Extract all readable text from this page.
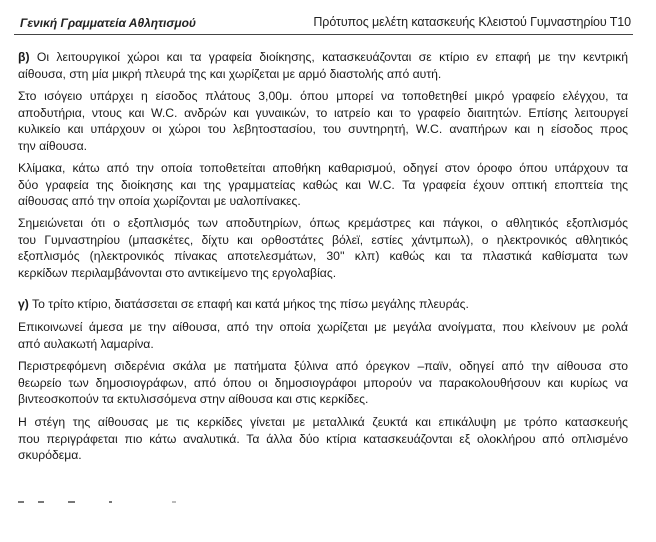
Γενική Γραμματεία Αθλητισμού	Πρότυπος μελέτη κατασκευής Κλειστού Γυμναστηρίου Τ10
β) Οι λειτουργικοί χώροι και τα γραφεία διοίκησης, κατασκευάζονται σε κτίριο εν επαφή με την κεντρική
αίθουσα, στη μία μικρή πλευρά της και χωρίζεται με αρμό διαστολής από αυτή.
Στο ισόγειο υπάρχει η είσοδος πλάτους 3,00μ. όπου μπορεί να τοποθετηθεί μικρό γραφείο ελέγχου, τα
αποδυτήρια, ντους και W.C. ανδρών και γυναικών, το ιατρείο και το γραφείο διαιτητών. Επίσης λειτουργεί
κυλικείο και υπάρχουν οι χώροι του λεβητοστασίου, του συντηρητή, W.C. αναπήρων και η είσοδος προς
την αίθουσα.
Κλίμακα, κάτω από την οποία τοποθετείται αποθήκη καθαρισμού, οδηγεί στον όροφο όπου υπάρχουν τα
δύο γραφεία της διοίκησης και της γραμματείας καθώς και W.C. Τα γραφεία έχουν οπτική εποπτεία της
αίθουσας από την οποία χωρίζονται με υαλοπίνακες.
Σημειώνεται ότι ο εξοπλισμός των αποδυτηρίων, όπως κρεμάστρες και πάγκοι, ο αθλητικός εξοπλισμός
του Γυμναστηρίου (μπασκέτες, δίχτυ και ορθοστάτες βόλεϊ, εστίες χάντμπωλ), ο ηλεκτρονικός αθλητικός
εξοπλισμός (ηλεκτρονικός πίνακας αποτελεσμάτων, 30'' κλπ) καθώς και τα πλαστικά καθίσματα των
κερκίδων περιλαμβάνονται στο αντικείμενο της εργολαβίας.
γ) Το τρίτο κτίριο, διατάσσεται σε επαφή και κατά μήκος της πίσω μεγάλης πλευράς.
Επικοινωνεί άμεσα με την αίθουσα, από την οποία χωρίζεται με μεγάλα ανοίγματα, που κλείνουν με ρολά
από αυλακωτή λαμαρίνα.
Περιστρεφόμενη σιδερένια σκάλα με πατήματα ξύλινα από όρεγκον –παϊν, οδηγεί από την αίθουσα στο
θεωρείο των δημοσιογράφων, από όπου οι δημοσιογράφοι μπορούν να παρακολουθήσουν και κυρίως να
βιντεοσκοπούν τα εκτυλισσόμενα στην αίθουσα και στις κερκίδες.
Η στέγη της αίθουσας με τις κερκίδες γίνεται με μεταλλικά ζευκτά και επικάλυψη με τρόπο κατασκευής
που περιγράφεται πιο κάτω αναλυτικά. Τα άλλα δύο κτίρια κατασκευάζονται εξ ολοκλήρου από οπλισμένο
σκυρόδεμα.
